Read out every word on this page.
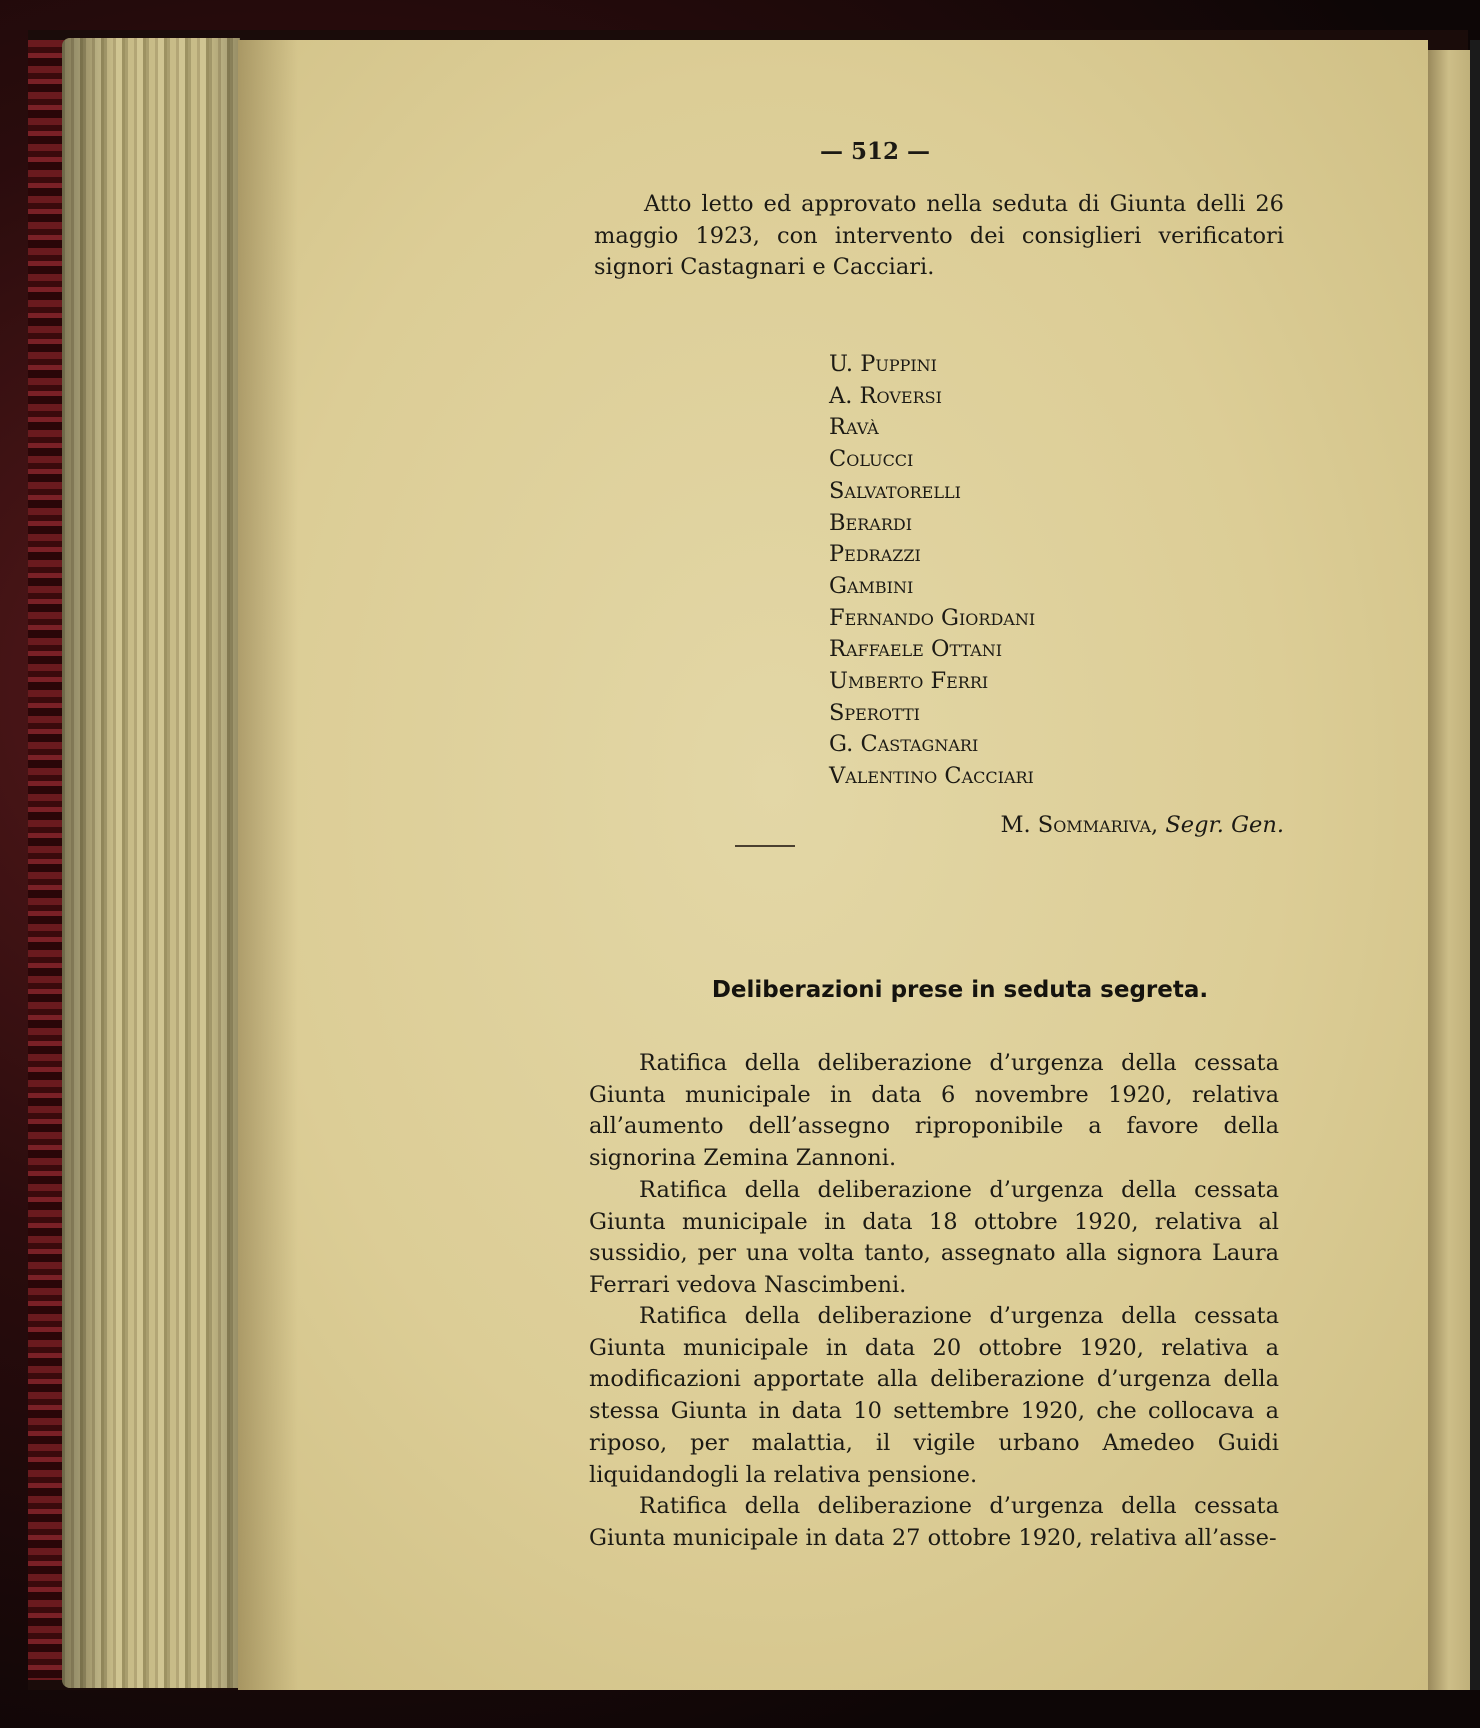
— 512 —
Atto letto ed approvato nella seduta di Giunta delli 26 maggio 1923, con intervento dei consiglieri verificatori signori Castagnari e Cacciari.
U. Puppini
A. Roversi
Ravà
Colucci
Salvatorelli
Berardi
Pedrazzi
Gambini
Fernando Giordani
Raffaele Ottani
Umberto Ferri
Sperotti
G. Castagnari
Valentino Cacciari
M. Sommariva, Segr. Gen.
Deliberazioni prese in seduta segreta.
Ratifica della deliberazione d’urgenza della cessata Giunta municipale in data 6 novembre 1920, relativa all’aumento dell’assegno riproponibile a favore della signorina Zemina Zannoni.
Ratifica della deliberazione d’urgenza della cessata Giunta municipale in data 18 ottobre 1920, relativa al sussidio, per una volta tanto, assegnato alla signora Laura Ferrari vedova Nascimbeni.
Ratifica della deliberazione d’urgenza della cessata Giunta municipale in data 20 ottobre 1920, relativa a modificazioni apportate alla deliberazione d’urgenza della stessa Giunta in data 10 settembre 1920, che collocava a riposo, per malattia, il vigile urbano Amedeo Guidi liquidandogli la relativa pensione.
Ratifica della deliberazione d’urgenza della cessata Giunta municipale in data 27 ottobre 1920, relativa all’asse-
